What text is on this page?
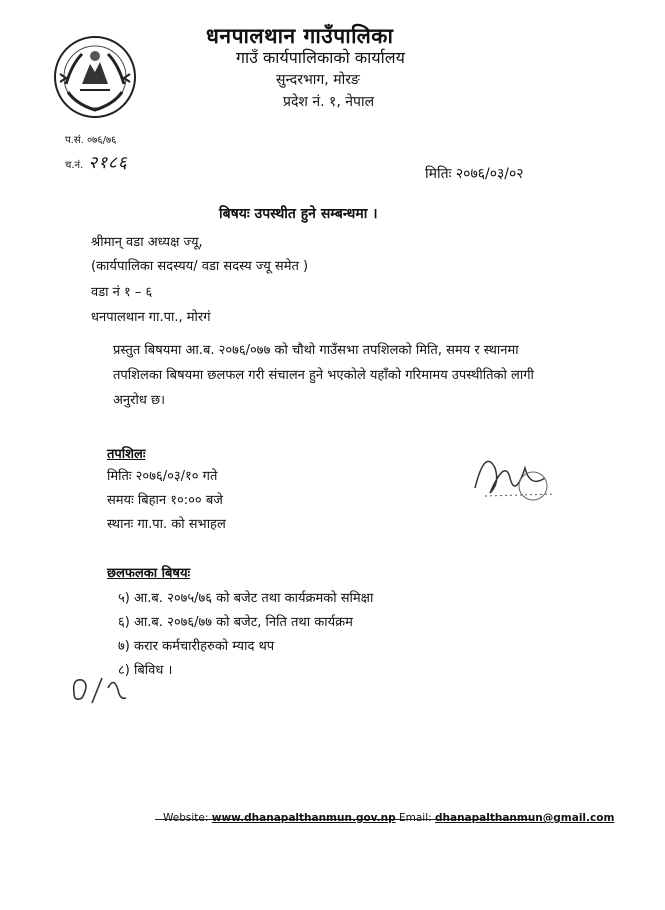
धनपालथान गाउँपालिका
गाउँ कार्यपालिकाको कार्यालय
सुन्दरभाग, मोरङ
प्रदेश नं. १, नेपाल
प.सं. ०७६/७६
च.नं. २१८६
मितिः २०७६/०३/०२
बिषयः उपस्थीत हुने सम्बन्धमा ।
श्रीमान् वडा अध्यक्ष ज्यू,
(कार्यपालिका सदस्यय/ वडा सदस्य ज्यू समेत )
वडा नं १ – ६
धनपालथान गा.पा., मोरगं
प्रस्तुत बिषयमा आ.ब. २०७६/०७७ को चौथो गाउँसभा तपशिलको मिति, समय र स्थानमा तपशिलका बिषयमा छलफल गरी संचालन हुने भएकोले यहाँको गरिमामय उपस्थीतिको लागी अनुरोध छ।
तपशिलः
मितिः २०७६/०३/१० गते
समयः बिहान १०:०० बजे
स्थानः गा.पा. को सभाहल
छलफलका बिषयः
५) आ.ब. २०७५/७६ को बजेट तथा कार्यक्रमको समिक्षा
६) आ.ब. २०७६/७७ को बजेट, निति तथा कार्यक्रम
७) करार कर्मचारीहरुको म्याद थप
८) बिविध ।
Website: www.dhanapalthanmun.gov.np Email: dhanapalthanmun@gmail.com
